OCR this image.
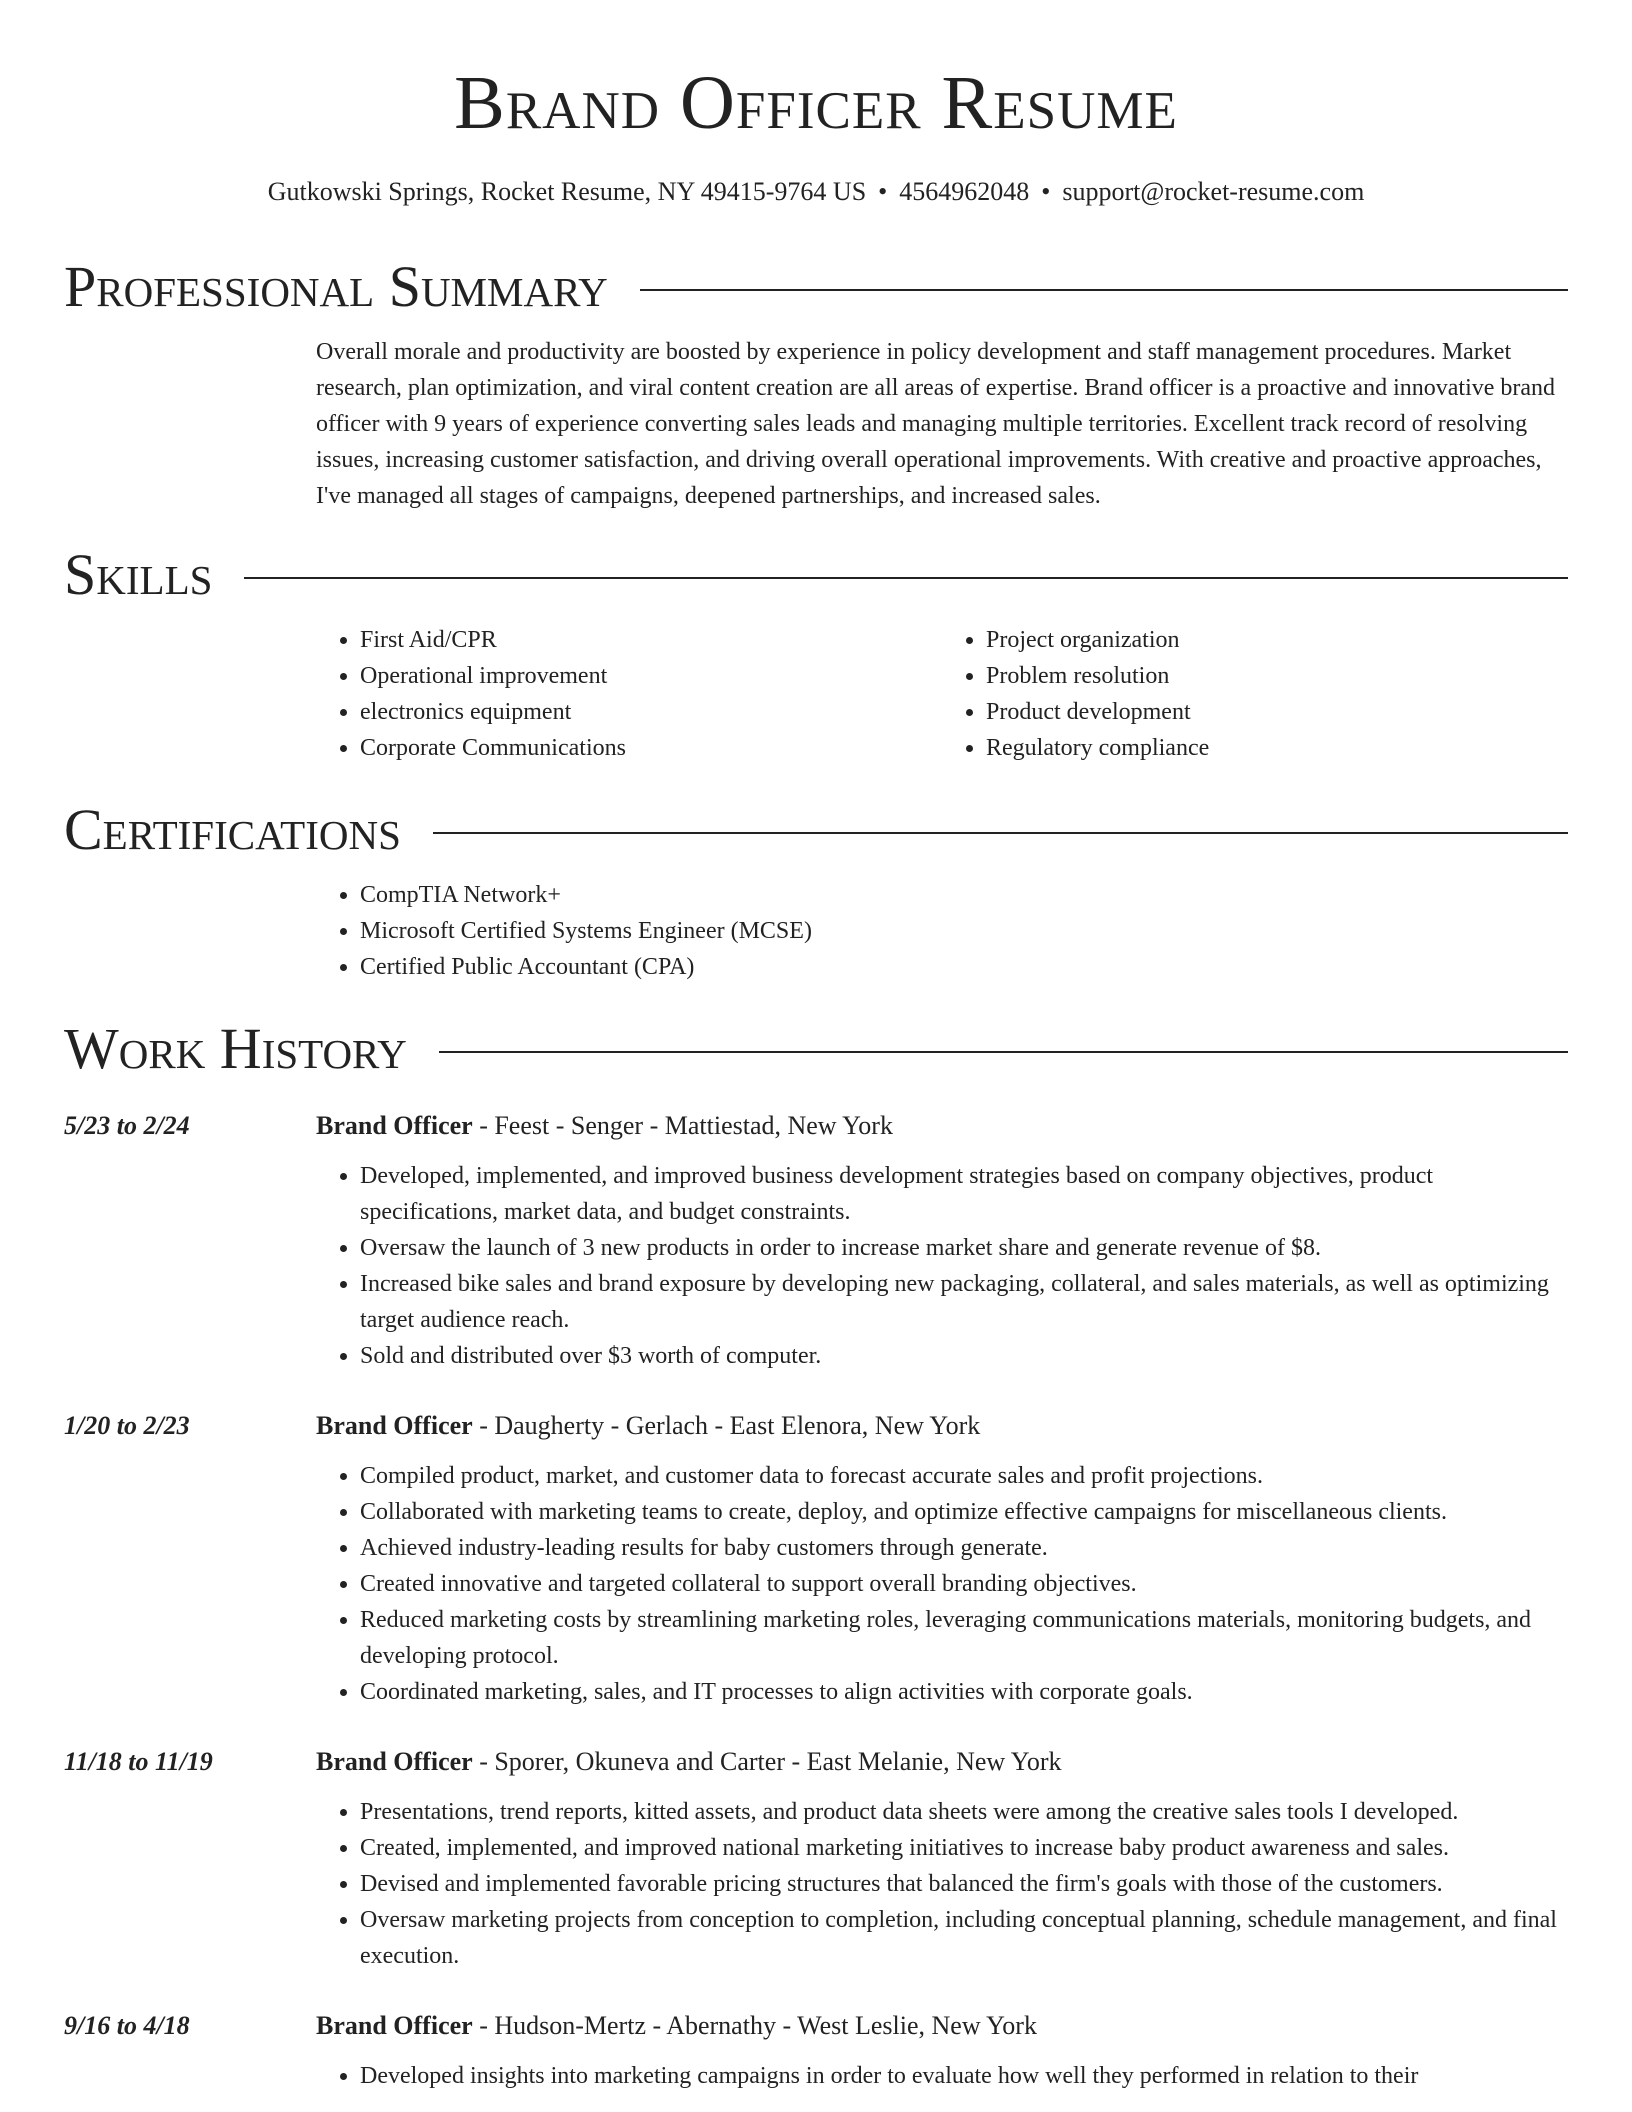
Brand Officer Resume
Gutkowski Springs, Rocket Resume, NY 49415-9764 US • 4564962048 • support@rocket-resume.com
Professional Summary

Overall morale and productivity are boosted by experience in policy development and staff management procedures. Market research, plan optimization, and viral content creation are all areas of expertise. Brand officer is a proactive and innovative brand officer with 9 years of experience converting sales leads and managing multiple territories. Excellent track record of resolving issues, increasing customer satisfaction, and driving overall operational improvements. With creative and proactive approaches, I've managed all stages of campaigns, deepened partnerships, and increased sales.

Skills
• First Aid/CPR
• Operational improvement
• electronics equipment
• Corporate Communications
• Project organization
• Problem resolution
• Product development
• Regulatory compliance
Certifications
• CompTIA Network+
• Microsoft Certified Systems Engineer (MCSE)
• Certified Public Accountant (CPA)
Work History
5/23 to 2/24	Brand Officer - Feest - Senger - Mattiestad, New York
• Developed, implemented, and improved business development strategies based on company objectives, product specifications, market data, and budget constraints.
• Oversaw the launch of 3 new products in order to increase market share and generate revenue of $8.
• Increased bike sales and brand exposure by developing new packaging, collateral, and sales materials, as well as optimizing target audience reach.
• Sold and distributed over $3 worth of computer.
1/20 to 2/23	Brand Officer - Daugherty - Gerlach - East Elenora, New York
• Compiled product, market, and customer data to forecast accurate sales and profit projections.
• Collaborated with marketing teams to create, deploy, and optimize effective campaigns for miscellaneous clients.
• Achieved industry-leading results for baby customers through generate.
• Created innovative and targeted collateral to support overall branding objectives.
• Reduced marketing costs by streamlining marketing roles, leveraging communications materials, monitoring budgets, and developing protocol.
• Coordinated marketing, sales, and IT processes to align activities with corporate goals.
11/18 to 11/19	Brand Officer - Sporer, Okuneva and Carter - East Melanie, New York
• Presentations, trend reports, kitted assets, and product data sheets were among the creative sales tools I developed.
• Created, implemented, and improved national marketing initiatives to increase baby product awareness and sales.
• Devised and implemented favorable pricing structures that balanced the firm's goals with those of the customers.
• Oversaw marketing projects from conception to completion, including conceptual planning, schedule management, and final execution.
9/16 to 4/18	Brand Officer - Hudson-Mertz - Abernathy - West Leslie, New York
• Developed insights into marketing campaigns in order to evaluate how well they performed in relation to their
